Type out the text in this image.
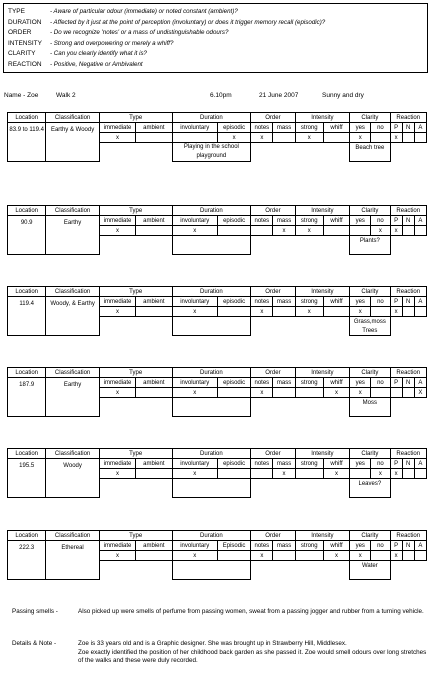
TYPE	- Aware of particular odour (immediate) or noted constant (ambient)?
DURATION	- Affected by it just at the point of perception (involuntary) or does it trigger memory recall (episodic)?
ORDER	- Do we recognize 'notes' or a mass of undistinguishable odours?
INTENSITY	- Strong and overpowering or merely a whiff?
CLARITY	- Can you clearly identify what it is?
REACTION	- Positive, Negative or Ambivalent
Name - Zoe	Walk 2	6.10pm	21 June 2007	Sunny and dry
Location	Classification	Type		Duration		Order		Intensity		Clarity		Reaction		
83.9 to 119.4	Earthy & Woody	immediate	ambient	involuntary	episodic	notes	mass	strong	whiff	yes	no	P	N	A
		x			x	x		x		x		x		
				Playing in the school playground						Beach tree				
Location	Classification	Type		Duration		Order		Intensity		Clarity		Reaction		
90.9	Earthy	immediate	ambient	involuntary	episodic	notes	mass	strong	whiff	yes	no	P	N	A
		x		x			x	x			x	x		
										Plants?				
Location	Classification	Type		Duration		Order		Intensity		Clarity		Reaction		
119.4	Woody, & Earthy	immediate	ambient	involuntary	episodic	notes	mass	strong	whiff	yes	no	P	N	A
		x		x		x		x		x		x		
										Grass,moss Trees				
Location	Classification	Type		Duration		Order		Intensity		Clarity		Reaction		
187.9	Earthy	immediate	ambient	involuntary	episodic	notes	mass	strong	whiff	yes	no	P	N	A
		x		x		x			x	x				X
										Moss				
Location	Classification	Type		Duration		Order		Intensity		Clarity		Reaction		
195.5	Woody	immediate	ambient	involuntary	episodic	notes	mass	strong	whiff	yes	no	P	N	A
		x		x			x		x		x	x		
										Leaves?				
Location	Classification	Type		Duration		Order		Intensity		Clarity		Reaction		
222.3	Ethereal	immediate	ambient	involuntary	Episodic	notes	mass	strong	whiff	yes	no	P	N	A
		x		x		x			x	x		x		
										Water				
Passing smells -	Also picked up were smells of perfume from passing women, sweat from a passing jogger and rubber from a turning vehicle.
Details & Note -	Zoe is 33 years old and is a Graphic designer. She was brought up in Strawberry Hill, Middlesex.
Zoe exactly identified the position of her childhood back garden as she passed it. Zoe would smell odours over long stretches of the walks and these were duly recorded.
